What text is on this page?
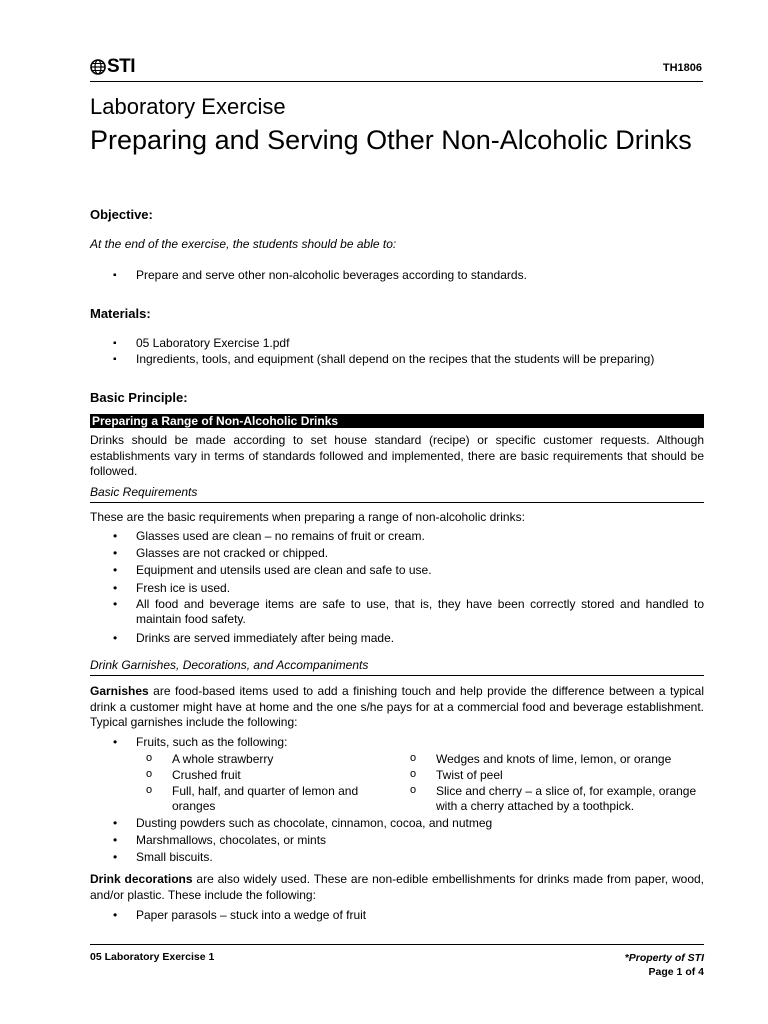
STI	TH1806
Laboratory Exercise
Preparing and Serving Other Non-Alcoholic Drinks
Objective:
At the end of the exercise, the students should be able to:
▪ Prepare and serve other non-alcoholic beverages according to standards.
Materials:
▪ 05 Laboratory Exercise 1.pdf
▪ Ingredients, tools, and equipment (shall depend on the recipes that the students will be preparing)
Basic Principle:
Preparing a Range of Non-Alcoholic Drinks
Drinks should be made according to set house standard (recipe) or specific customer requests. Although establishments vary in terms of standards followed and implemented, there are basic requirements that should be followed.
Basic Requirements
These are the basic requirements when preparing a range of non-alcoholic drinks:
• Glasses used are clean – no remains of fruit or cream.
• Glasses are not cracked or chipped.
• Equipment and utensils used are clean and safe to use.
• Fresh ice is used.
• All food and beverage items are safe to use, that is, they have been correctly stored and handled to maintain food safety.
• Drinks are served immediately after being made.
Drink Garnishes, Decorations, and Accompaniments
Garnishes are food-based items used to add a finishing touch and help provide the difference between a typical drink a customer might have at home and the one s/he pays for at a commercial food and beverage establishment. Typical garnishes include the following:
• Fruits, such as the following:
o A whole strawberry
o Crushed fruit
o Full, half, and quarter of lemon and oranges
o Wedges and knots of lime, lemon, or orange
o Twist of peel
o Slice and cherry – a slice of, for example, orange with a cherry attached by a toothpick.
• Dusting powders such as chocolate, cinnamon, cocoa, and nutmeg
• Marshmallows, chocolates, or mints
• Small biscuits.
Drink decorations are also widely used. These are non-edible embellishments for drinks made from paper, wood, and/or plastic. These include the following:
• Paper parasols – stuck into a wedge of fruit
05 Laboratory Exercise 1	*Property of STI
Page 1 of 4
